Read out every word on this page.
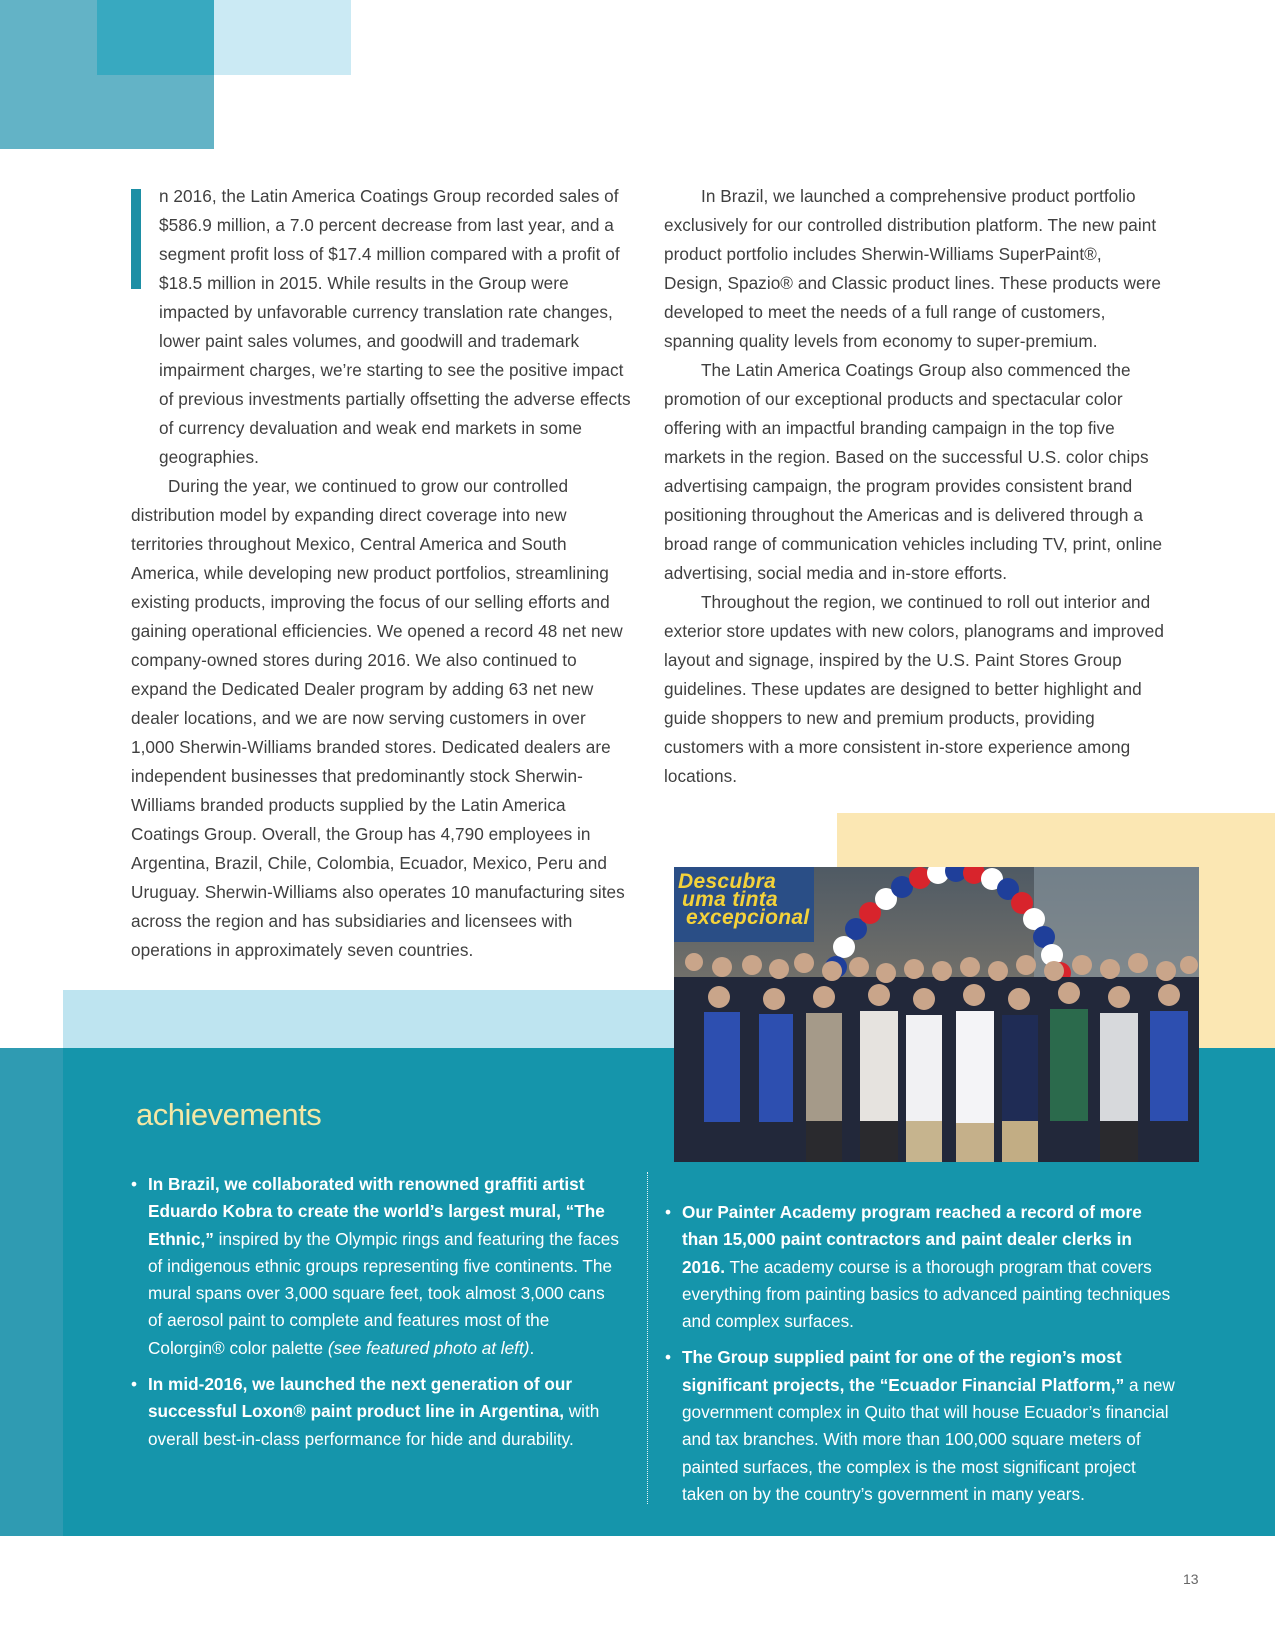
n 2016, the Latin America Coatings Group recorded sales of $586.9 million, a 7.0 percent decrease from last year, and a segment profit loss of $17.4 million compared with a profit of $18.5 million in 2015. While results in the Group were impacted by unfavorable currency translation rate changes, lower paint sales volumes, and goodwill and trademark impairment charges, we’re starting to see the positive impact of previous investments partially offsetting the adverse effects of currency devaluation and weak end markets in some geographies.

During the year, we continued to grow our controlled distribution model by expanding direct coverage into new territories throughout Mexico, Central America and South America, while developing new product portfolios, streamlining existing products, improving the focus of our selling efforts and gaining operational efficiencies. We opened a record 48 net new company-owned stores during 2016. We also continued to expand the Dedicated Dealer program by adding 63 net new dealer locations, and we are now serving customers in over 1,000 Sherwin-Williams branded stores. Dedicated dealers are independent businesses that predominantly stock Sherwin-Williams branded products supplied by the Latin America Coatings Group. Overall, the Group has 4,790 employees in Argentina, Brazil, Chile, Colombia, Ecuador, Mexico, Peru and Uruguay. Sherwin-Williams also operates 10 manufacturing sites across the region and has subsidiaries and licensees with operations in approximately seven countries.

In Brazil, we launched a comprehensive product portfolio exclusively for our controlled distribution platform. The new paint product portfolio includes Sherwin-Williams SuperPaint®, Design, Spazio® and Classic product lines. These products were developed to meet the needs of a full range of customers, spanning quality levels from economy to super-premium.

The Latin America Coatings Group also commenced the promotion of our exceptional products and spectacular color offering with an impactful branding campaign in the top five markets in the region. Based on the successful U.S. color chips advertising campaign, the program provides consistent brand positioning throughout the Americas and is delivered through a broad range of communication vehicles including TV, print, online advertising, social media and in-store efforts.

Throughout the region, we continued to roll out interior and exterior store updates with new colors, planograms and improved layout and signage, inspired by the U.S. Paint Stores Group guidelines. These updates are designed to better highlight and guide shoppers to new and premium products, providing customers with a more consistent in-store experience among locations.

Descubra
uma tinta
excepcional
achievements
• In Brazil, we collaborated with renowned graffiti artist Eduardo Kobra to create the world’s largest mural, “The Ethnic,” inspired by the Olympic rings and featuring the faces of indigenous ethnic groups representing five continents. The mural spans over 3,000 square feet, took almost 3,000 cans of aerosol paint to complete and features most of the Colorgin® color palette (see featured photo at left).
• In mid-2016, we launched the next generation of our successful Loxon® paint product line in Argentina, with overall best-in-class performance for hide and durability.
• Our Painter Academy program reached a record of more than 15,000 paint contractors and paint dealer clerks in 2016. The academy course is a thorough program that covers everything from painting basics to advanced painting techniques and complex surfaces.
• The Group supplied paint for one of the region’s most significant projects, the “Ecuador Financial Platform,” a new government complex in Quito that will house Ecuador’s financial and tax branches. With more than 100,000 square meters of painted surfaces, the complex is the most significant project taken on by the country’s government in many years.
13
